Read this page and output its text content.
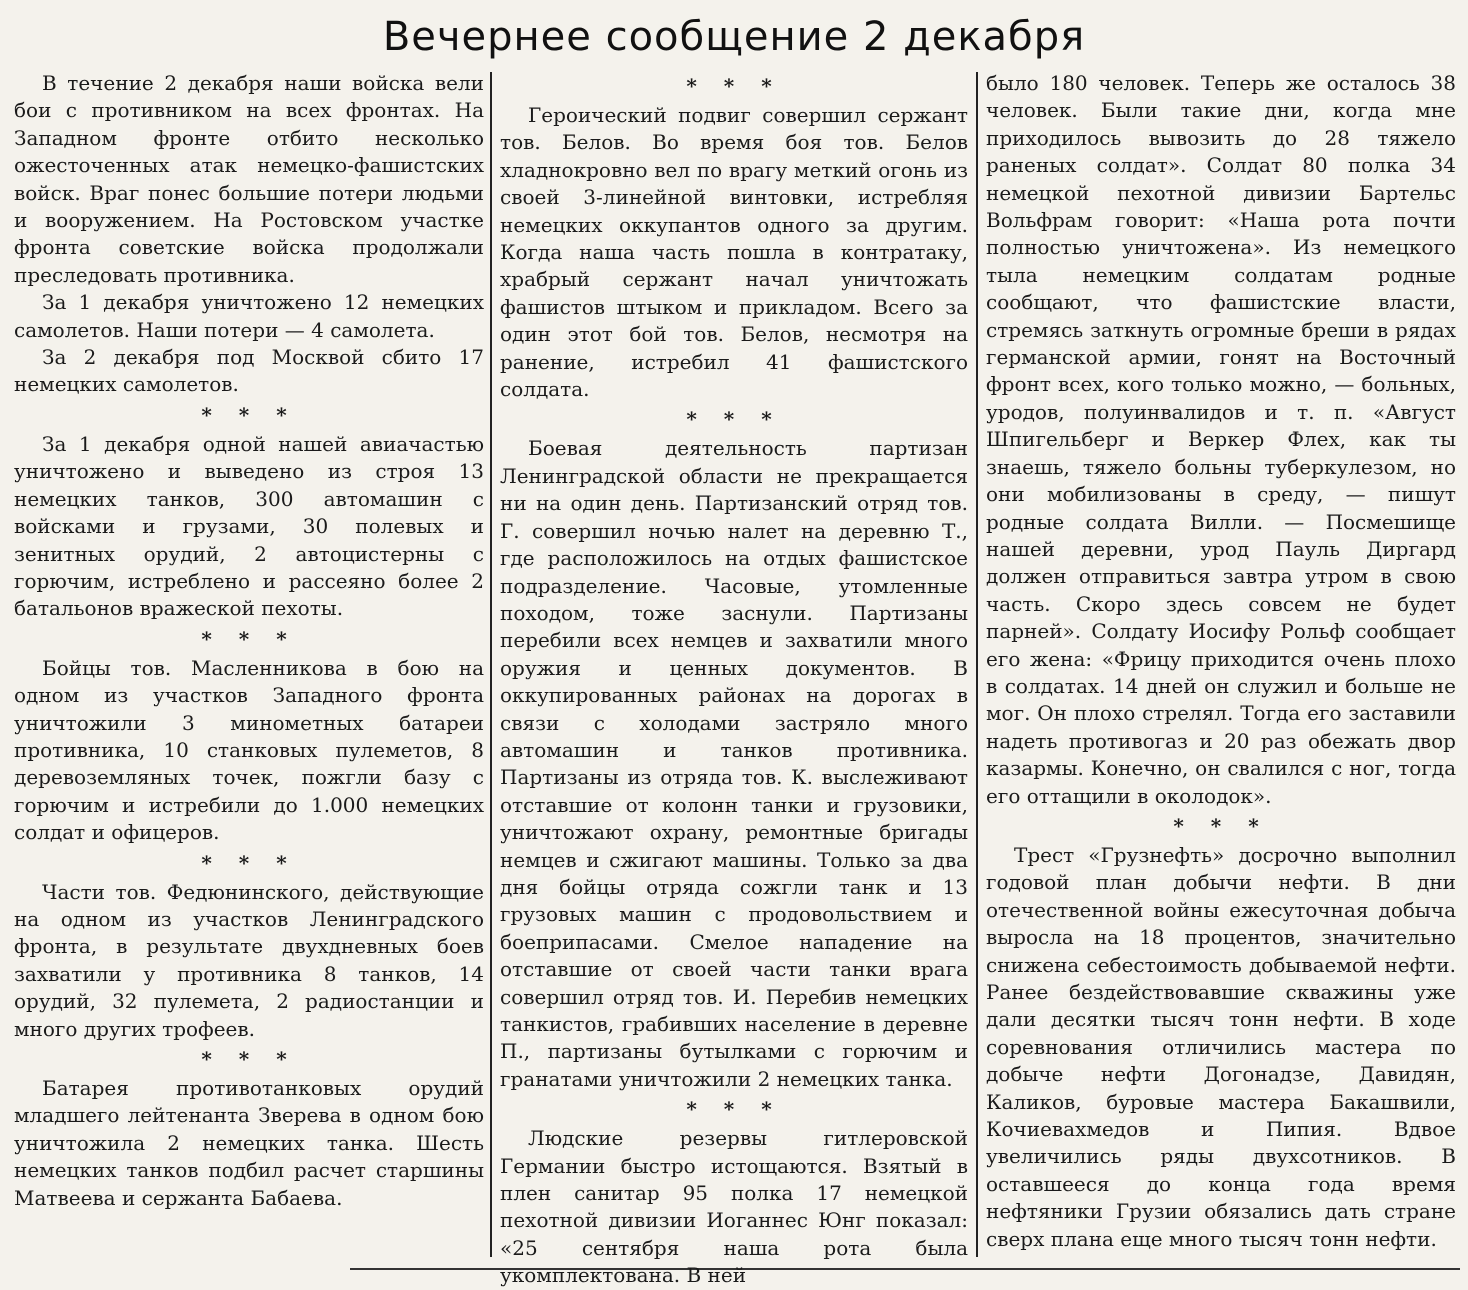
Вечернее сообщение 2 декабря

В течение 2 декабря наши войска вели бои с противником на всех фронтах. На Западном фронте отбито несколько ожесточенных атак немецко-фашистских войск. Враг понес большие потери людьми и вооружением. На Ростовском участке фронта советские войска продолжали преследовать противника.

За 1 декабря уничтожено 12 немецких самолетов. Наши потери — 4 самолета.

За 2 декабря под Москвой сбито 17 немецких самолетов.

* * *

За 1 декабря одной нашей авиачастью уничтожено и выведено из строя 13 немецких танков, 300 автомашин с войсками и грузами, 30 полевых и зенитных орудий, 2 автоцистерны с горючим, истреблено и рассеяно более 2 батальонов вражеской пехоты.

* * *

Бойцы тов. Масленникова в бою на одном из участков Западного фронта уничтожили 3 минометных батареи противника, 10 станковых пулеметов, 8 деревоземляных точек, пожгли базу с горючим и истребили до 1.000 немецких солдат и офицеров.

* * *

Части тов. Федюнинского, действующие на одном из участков Ленинградского фронта, в результате двухдневных боев захватили у противника 8 танков, 14 орудий, 32 пулемета, 2 радиостанции и много других трофеев.

* * *

Батарея противотанковых орудий младшего лейтенанта Зверева в одном бою уничтожила 2 немецких танка. Шесть немецких танков подбил расчет старшины Матвеева и сержанта Бабаева.

* * *

Героический подвиг совершил сержант тов. Белов. Во время боя тов. Белов хладнокровно вел по врагу меткий огонь из своей 3-линейной винтовки, истребляя немецких оккупантов одного за другим. Когда наша часть пошла в контратаку, храбрый сержант начал уничтожать фашистов штыком и прикладом. Всего за один этот бой тов. Белов, несмотря на ранение, истребил 41 фашистского солдата.

* * *

Боевая деятельность партизан Ленинградской области не прекращается ни на один день. Партизанский отряд тов. Г. совершил ночью налет на деревню Т., где расположилось на отдых фашистское подразделение. Часовые, утомленные походом, тоже заснули. Партизаны перебили всех немцев и захватили много оружия и ценных документов. В оккупированных районах на дорогах в связи с холодами застряло много автомашин и танков противника. Партизаны из отряда тов. К. выслеживают отставшие от колонн танки и грузовики, уничтожают охрану, ремонтные бригады немцев и сжигают машины. Только за два дня бойцы отряда сожгли танк и 13 грузовых машин с продовольствием и боеприпасами. Смелое нападение на отставшие от своей части танки врага совершил отряд тов. И. Перебив немецких танкистов, грабивших население в деревне П., партизаны бутылками с горючим и гранатами уничтожили 2 немецких танка.

* * *

Людские резервы гитлеровской Германии быстро истощаются. Взятый в плен санитар 95 полка 17 немецкой пехотной дивизии Иоганнес Юнг показал: «25 сентября наша рота была укомплектована. В ней

было 180 человек. Теперь же осталось 38 человек. Были такие дни, когда мне приходилось вывозить до 28 тяжело раненых солдат». Солдат 80 полка 34 немецкой пехотной дивизии Бартельс Вольфрам говорит: «Наша рота почти полностью уничтожена». Из немецкого тыла немецким солдатам родные сообщают, что фашистские власти, стремясь заткнуть огромные бреши в рядах германской армии, гонят на Восточный фронт всех, кого только можно, — больных, уродов, полуинвалидов и т. п. «Август Шпигельберг и Веркер Флех, как ты знаешь, тяжело больны туберкулезом, но они мобилизованы в среду, — пишут родные солдата Вилли. — Посмешище нашей деревни, урод Пауль Диргард должен отправиться завтра утром в свою часть. Скоро здесь совсем не будет парней». Солдату Иосифу Рольф сообщает его жена: «Фрицу приходится очень плохо в солдатах. 14 дней он служил и больше не мог. Он плохо стрелял. Тогда его заставили надеть противогаз и 20 раз обежать двор казармы. Конечно, он свалился с ног, тогда его оттащили в околодок».

* * *

Трест «Грузнефть» досрочно выполнил годовой план добычи нефти. В дни отечественной войны ежесуточная добыча выросла на 18 процентов, значительно снижена себестоимость добываемой нефти. Ранее бездействовавшие скважины уже дали десятки тысяч тонн нефти. В ходе соревнования отличились мастера по добыче нефти Догонадзе, Давидян, Каликов, буровые мастера Бакашвили, Кочиевахмедов и Пипия. Вдвое увеличились ряды двухсотников. В оставшееся до конца года время нефтяники Грузии обязались дать стране сверх плана еще много тысяч тонн нефти.
